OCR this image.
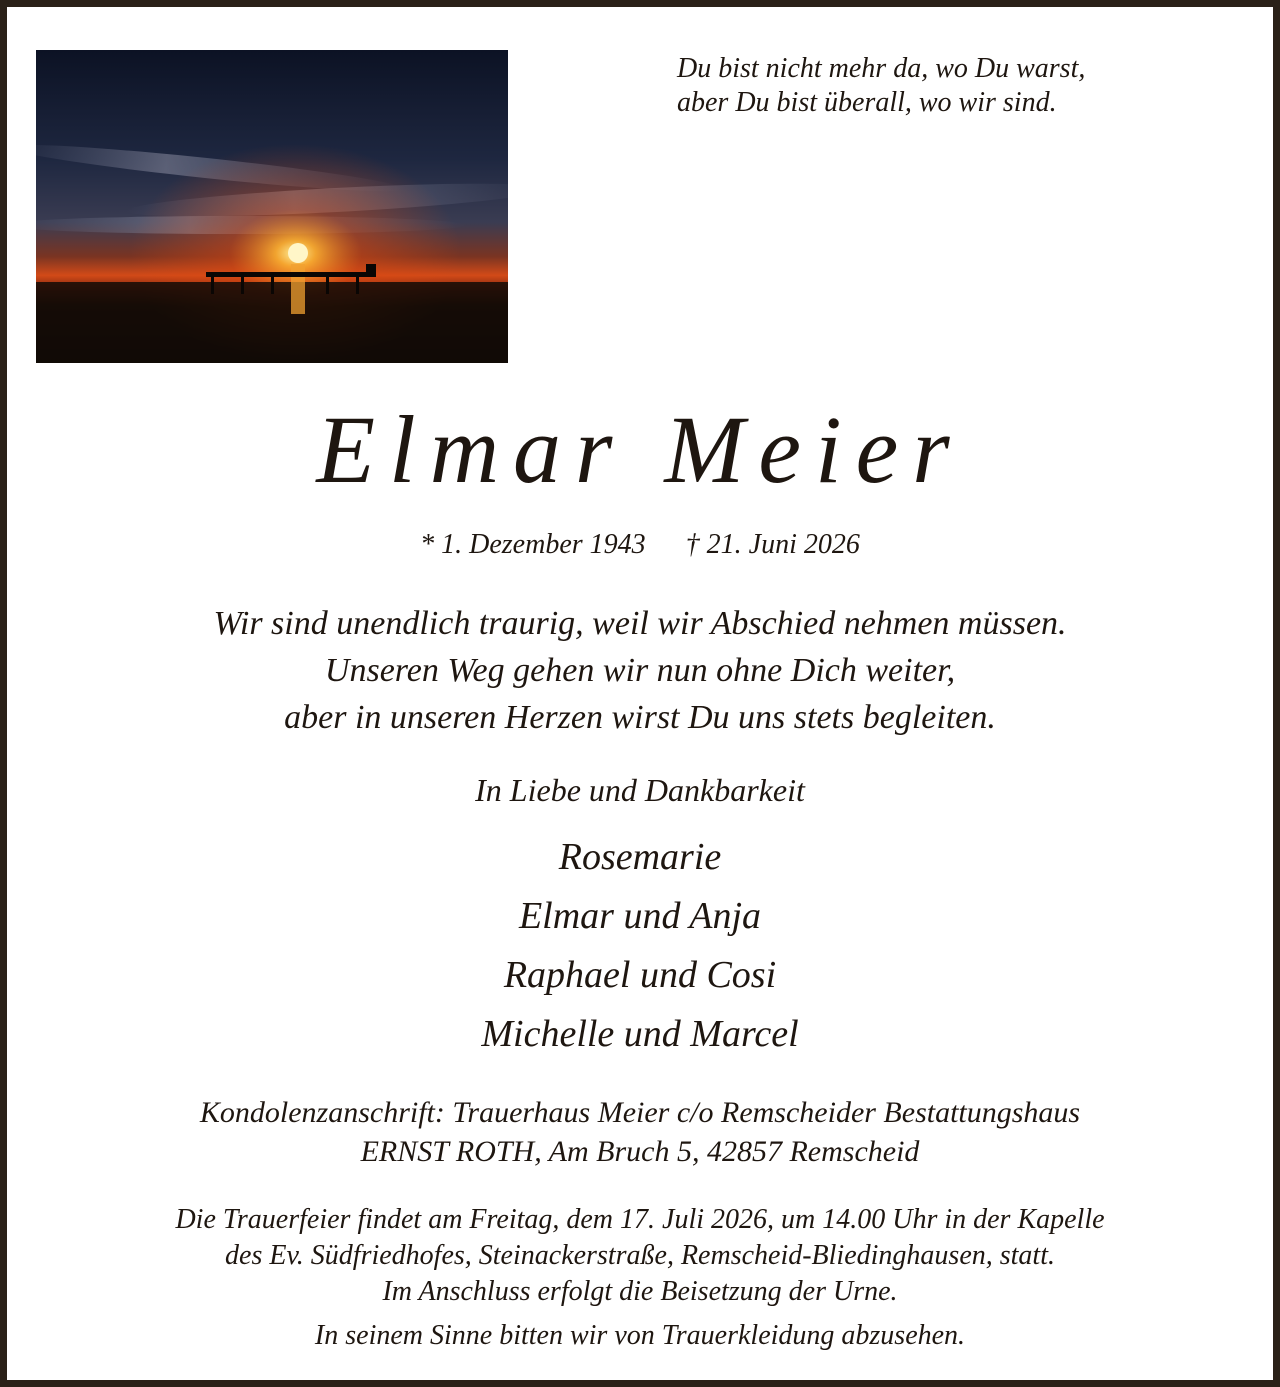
Du bist nicht mehr da, wo Du warst,
aber Du bist überall, wo wir sind.
Elmar Meier
* 1. Dezember 1943 † 21. Juni 2026
Wir sind unendlich traurig, weil wir Abschied nehmen müssen.
Unseren Weg gehen wir nun ohne Dich weiter,
aber in unseren Herzen wirst Du uns stets begleiten.
In Liebe und Dankbarkeit
Rosemarie
Elmar und Anja
Raphael und Cosi
Michelle und Marcel
Kondolenzanschrift: Trauerhaus Meier c/o Remscheider Bestattungshaus
ERNST ROTH, Am Bruch 5, 42857 Remscheid
Die Trauerfeier findet am Freitag, dem 17. Juli 2026, um 14.00 Uhr in der Kapelle
des Ev. Südfriedhofes, Steinackerstraße, Remscheid-Bliedinghausen, statt.
Im Anschluss erfolgt die Beisetzung der Urne.
In seinem Sinne bitten wir von Trauerkleidung abzusehen.
